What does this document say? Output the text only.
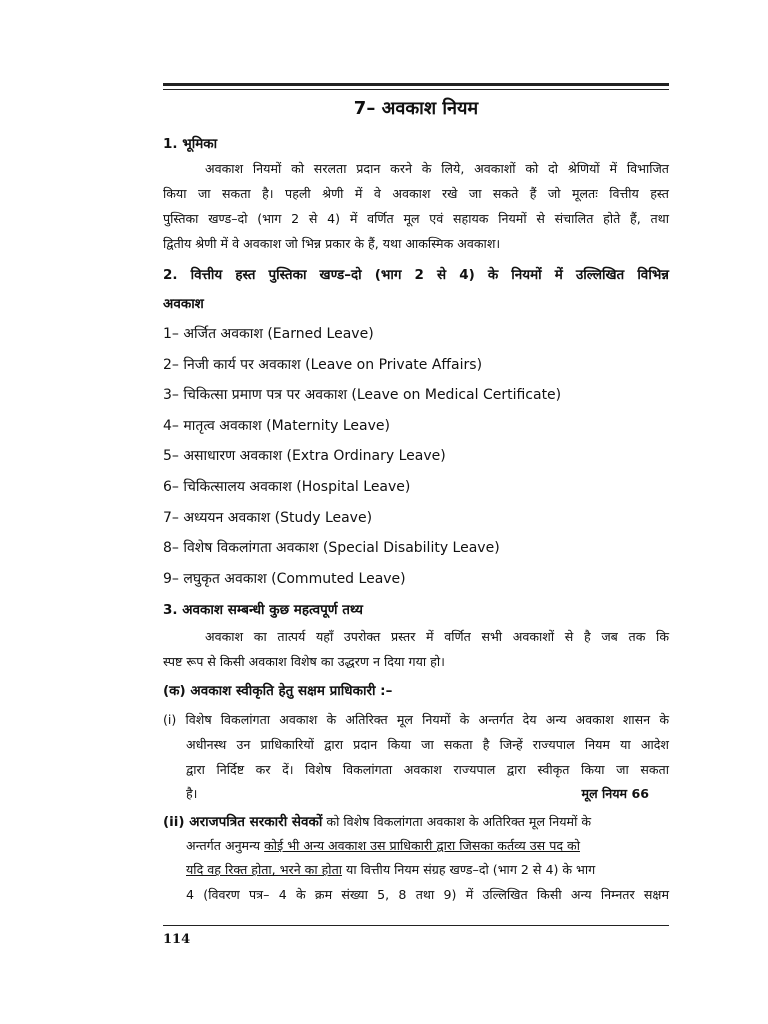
7– अवकाश नियम
1. भूमिका
अवकाश नियमों को सरलता प्रदान करने के लिये, अवकाशों को दो श्रेणियों में विभाजित
किया जा सकता है। पहली श्रेणी में वे अवकाश रखे जा सकते हैं जो मूलतः वित्तीय हस्त
पुस्तिका खण्ड–दो (भाग 2 से 4) में वर्णित मूल एवं सहायक नियमों से संचालित होते हैं, तथा
द्वितीय श्रेणी में वे अवकाश जो भिन्न प्रकार के हैं, यथा आकस्मिक अवकाश।
2. वित्तीय हस्त पुस्तिका खण्ड–दो (भाग 2 से 4) के नियमों में उल्लिखित विभिन्न
अवकाश
1– अर्जित अवकाश (Earned Leave)
2– निजी कार्य पर अवकाश (Leave on Private Affairs)
3– चिकित्सा प्रमाण पत्र पर अवकाश (Leave on Medical Certificate)
4– मातृत्व अवकाश (Maternity Leave)
5– असाधारण अवकाश (Extra Ordinary Leave)
6– चिकित्सालय अवकाश (Hospital Leave)
7– अध्ययन अवकाश (Study Leave)
8– विशेष विकलांगता अवकाश (Special Disability Leave)
9– लघुकृत अवकाश (Commuted Leave)
3. अवकाश सम्बन्धी कुछ महत्वपूर्ण तथ्य
अवकाश का तात्पर्य यहाँ उपरोक्त प्रस्तर में वर्णित सभी अवकाशों से है जब तक कि
स्पष्ट रूप से किसी अवकाश विशेष का उद्धरण न दिया गया हो।
(क) अवकाश स्वीकृति हेतु सक्षम प्राधिकारी :–
(i) विशेष विकलांगता अवकाश के अतिरिक्त मूल नियमों के अन्तर्गत देय अन्य अवकाश शासन के
अधीनस्थ उन प्राधिकारियों द्वारा प्रदान किया जा सकता है जिन्हें राज्यपाल नियम या आदेश
द्वारा निर्दिष्ट कर दें। विशेष विकलांगता अवकाश राज्यपाल द्वारा स्वीकृत किया जा सकता
है।	मूल नियम 66
(ii) अराजपत्रित सरकारी सेवकों को विशेष विकलांगता अवकाश के अतिरिक्त मूल नियमों के
अन्तर्गत अनुमन्य कोई भी अन्य अवकाश उस प्राधिकारी द्वारा जिसका कर्तव्य उस पद को
यदि वह रिक्त होता, भरने का होता या वित्तीय नियम संग्रह खण्ड–दो (भाग 2 से 4) के भाग
4 (विवरण पत्र– 4 के क्रम संख्या 5, 8 तथा 9) में उल्लिखित किसी अन्य निम्नतर सक्षम
114
